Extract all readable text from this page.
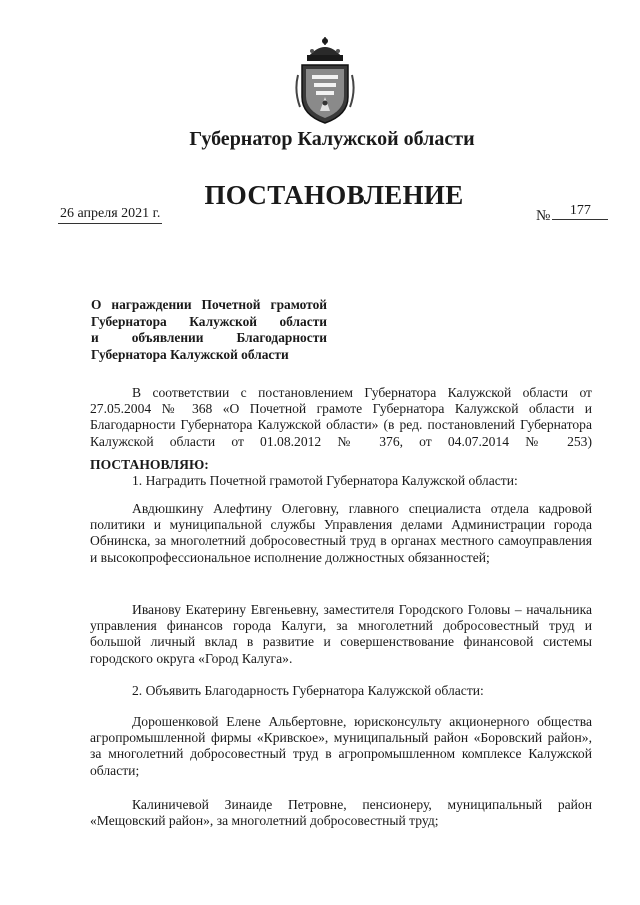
Губернатор Калужской области
ПОСТАНОВЛЕНИЕ
26 апреля 2021 г.	№ 177
О награждении Почетной грамотой
Губернатора Калужской области
и объявлении Благодарности
Губернатора Калужской области

В соответствии с постановлением Губернатора Калужской области от 27.05.2004 № 368 «О Почетной грамоте Губернатора Калужской области и Благодарности Губернатора Калужской области» (в ред. постановлений Губернатора Калужской области от 01.08.2012 № 376, от 04.07.2014 № 253)

ПОСТАНОВЛЯЮ:

1. Наградить Почетной грамотой Губернатора Калужской области:

Авдюшкину Алефтину Олеговну, главного специалиста отдела кадровой политики и муниципальной службы Управления делами Администрации города Обнинска, за многолетний добросовестный труд в органах местного самоуправления и высокопрофессиональное исполнение должностных обязанностей;

Иванову Екатерину Евгеньевну, заместителя Городского Головы – начальника управления финансов города Калуги, за многолетний добросовестный труд и большой личный вклад в развитие и совершенствование финансовой системы городского округа «Город Калуга».

2. Объявить Благодарность Губернатора Калужской области:

Дорошенковой Елене Альбертовне, юрисконсульту акционерного общества агропромышленной фирмы «Кривское», муниципальный район «Боровский район», за многолетний добросовестный труд в агропромышленном комплексе Калужской области;

Калиничевой Зинаиде Петровне, пенсионеру, муниципальный район «Мещовский район», за многолетний добросовестный труд;
